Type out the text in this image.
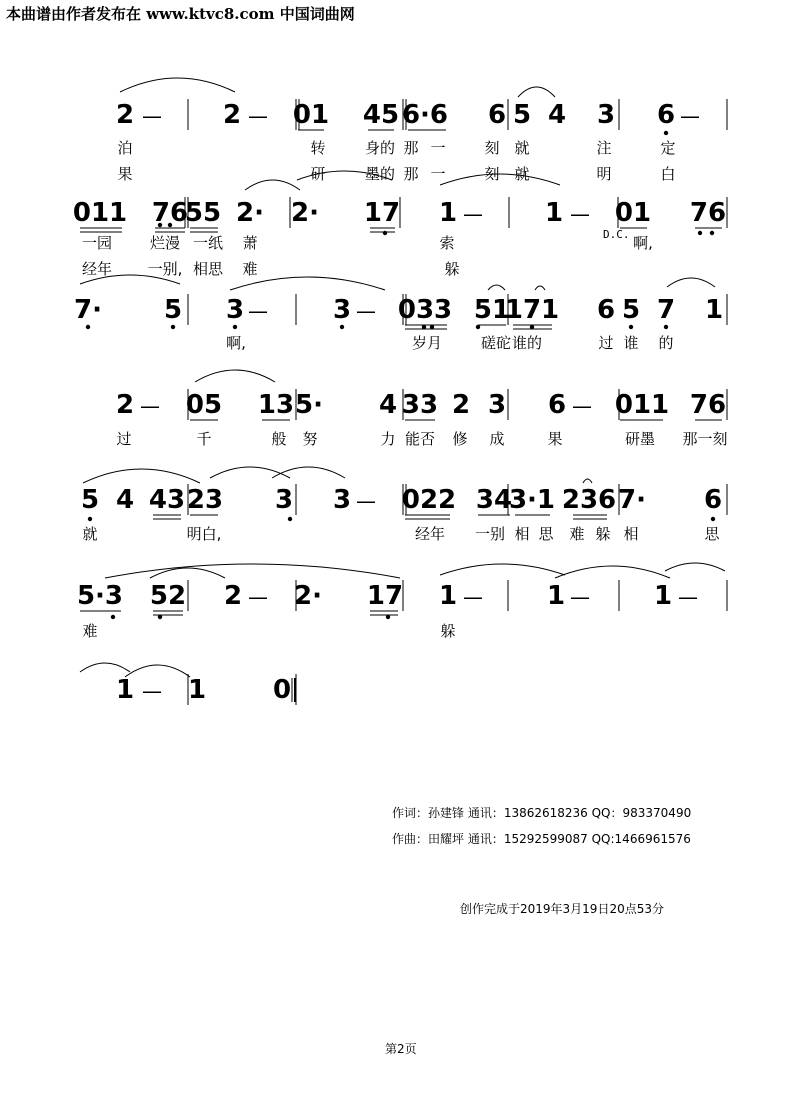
2	2 01 45 6·6 6 5 4 3 6
—	—	—
泊	转	身的 那 一	刻 就	注	定
果	研	墨的 那 一	刻 就	明	白
011 76
55 2· 2· 17 1	1 01 76
—	—
一园	烂漫 一纸 萧	索	啊,
经年 一别, 相思 难	躲
7· 5 3	3 033 51
171 6 5 7 1
—	—
啊,	岁月	磋砣 谁的	过 谁 的
2 05 13 5· 4 33 2 3 6 011 76
—	—
过	千	般 努	力 能否 修 成	果	研墨 那一刻
5 4 43 23 3 3 022 34
3·1 236 7· 6
—
就	明白,	经年 一别 相 思 难 躲 相	思
5·3 52 2 2· 17 1	1	1
—	—	—	—
难	躲
1 1	0
—
本曲谱由作者发布在 www.ktvc8.com 中国词曲网
作词：孙建锋 通讯：13862618236 QQ：983370490
作曲：田耀坪 通讯：15292599087 QQ:1466961576
创作完成于2019年3月19日20点53分
第2页
D.C.
